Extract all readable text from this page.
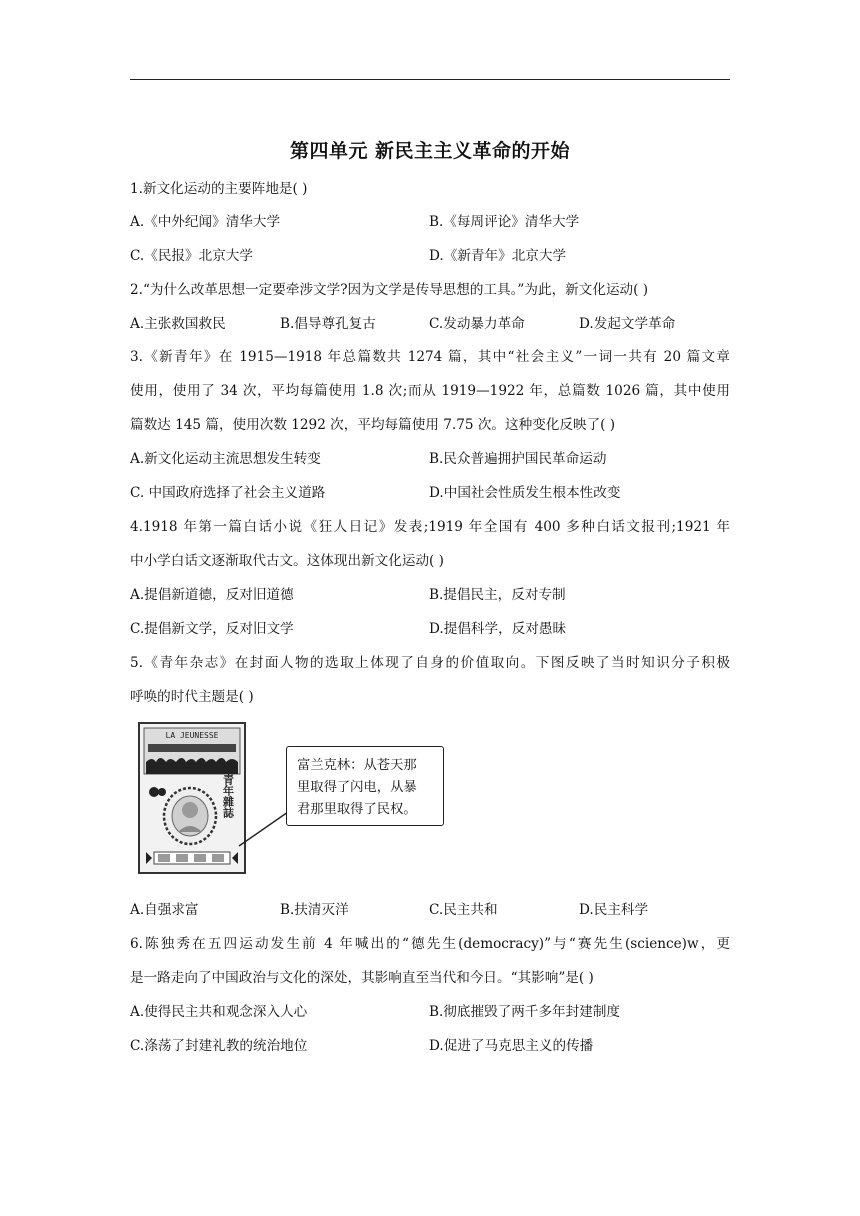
第四单元 新民主主义革命的开始
1.新文化运动的主要阵地是( )
A.《中外纪闻》清华大学	B.《每周评论》清华大学
C.《民报》北京大学	D.《新青年》北京大学
2.“为什么改革思想一定要牵涉文学?因为文学是传导思想的工具。”为此，新文化运动( )
A.主张救国救民	B.倡导尊孔复古	C.发动暴力革命	D.发起文学革命
3.《新青年》在 1915—1918 年总篇数共 1274 篇，其中“社会主义”一词一共有 20 篇文章
使用，使用了 34 次，平均每篇使用 1.8 次;而从 1919—1922 年，总篇数 1026 篇，其中使用
篇数达 145 篇，使用次数 1292 次，平均每篇使用 7.75 次。这种变化反映了( )
A.新文化运动主流思想发生转变	B.民众普遍拥护国民革命运动
C. 中国政府选择了社会主义道路	D.中国社会性质发生根本性改变
4.1918 年第一篇白话小说《狂人日记》发表;1919 年全国有 400 多种白话文报刊;1921 年
中小学白话文逐渐取代古文。这体现出新文化运动( )
A.提倡新道德，反对旧道德	B.提倡民主，反对专制
C.提倡新文学，反对旧文学	D.提倡科学，反对愚昧
5.《青年杂志》在封面人物的选取上体现了自身的价值取向。下图反映了当时知识分子积极
呼唤的时代主题是( )
LA JEUNESSE
青年雜誌
富兰克林：从苍天那
里取得了闪电，从暴
君那里取得了民权。
A.自强求富	B.扶清灭洋	C.民主共和	D.民主科学
6.陈独秀在五四运动发生前 4 年喊出的“德先生(democracy)”与“赛先生(science)w，更
是一路走向了中国政治与文化的深处，其影响直至当代和今日。“其影响”是( )
A.使得民主共和观念深入人心	B.彻底摧毁了两千多年封建制度
C.涤荡了封建礼教的统治地位	D.促进了马克思主义的传播
